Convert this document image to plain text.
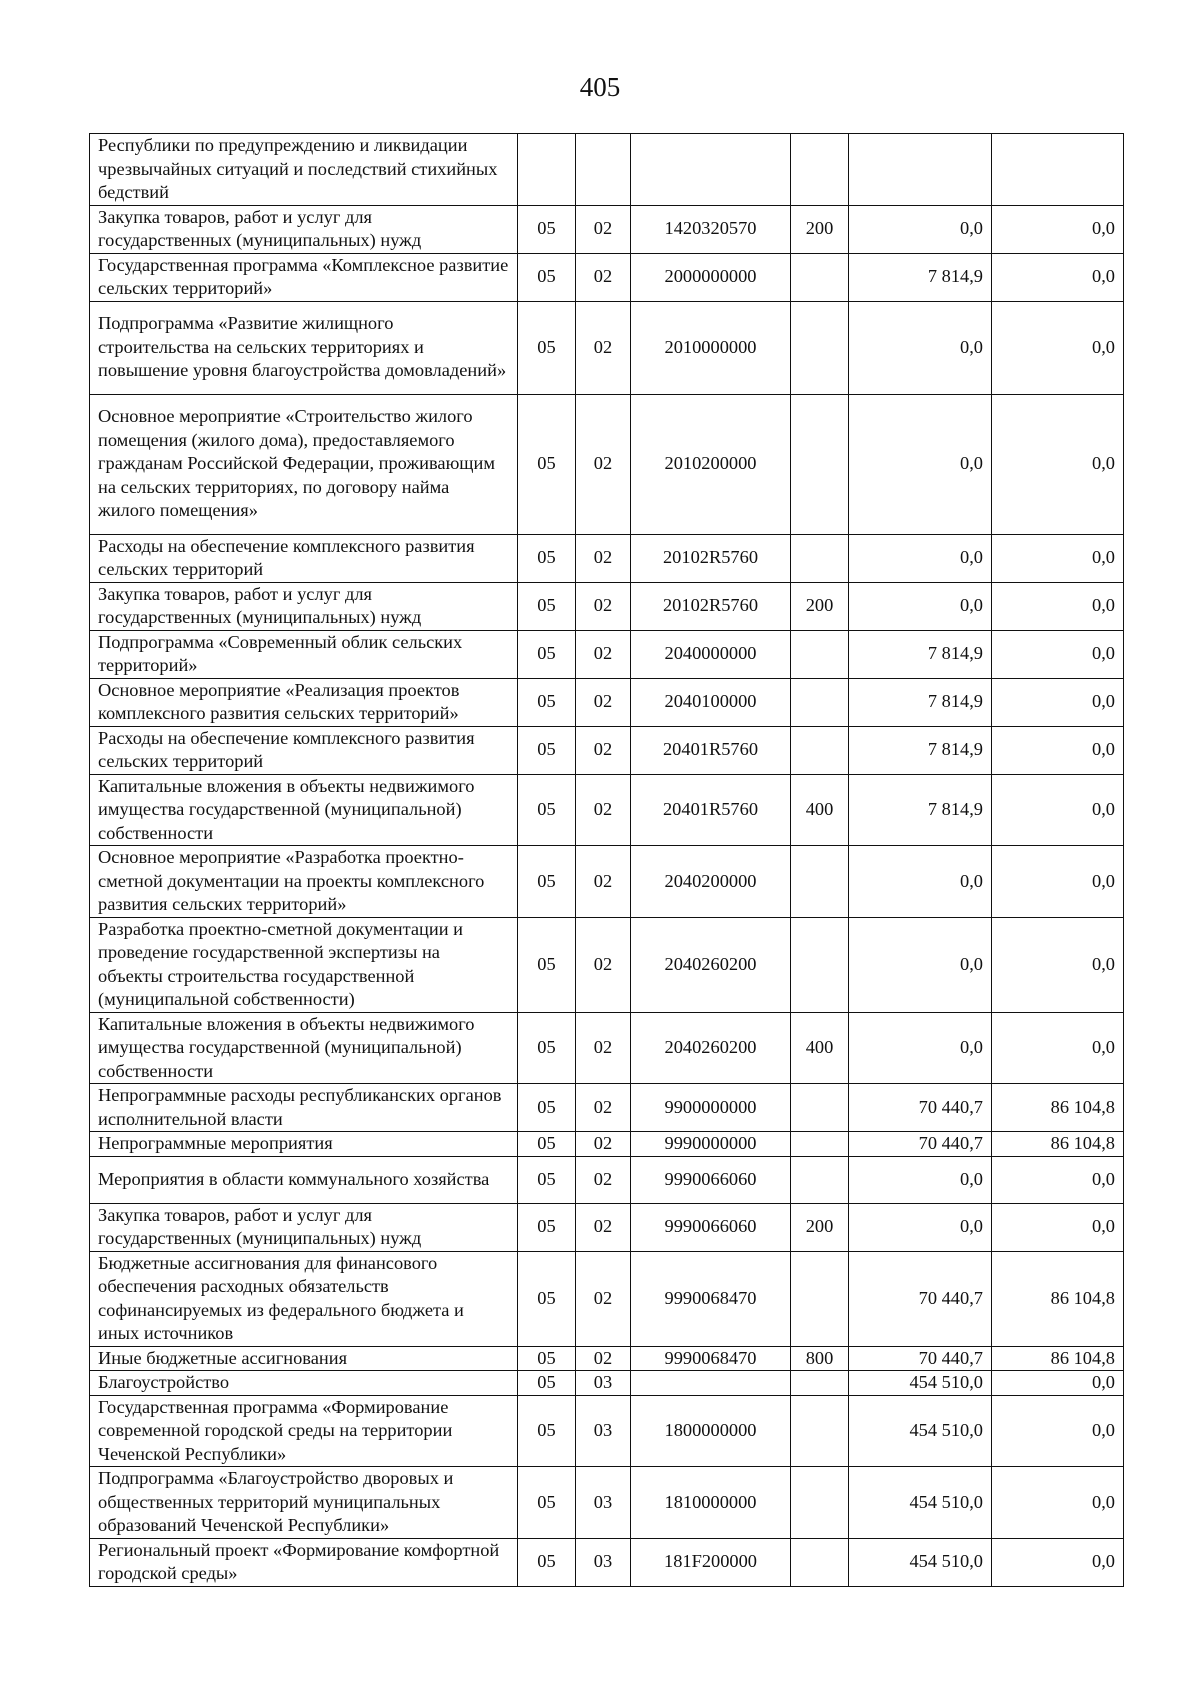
405
Республики по предупреждению и ликвидации чрезвычайных ситуаций и последствий стихийных бедствий						
Закупка товаров, работ и услуг для государственных (муниципальных) нужд	05	02	1420320570	200	0,0	0,0
Государственная программа «Комплексное развитие сельских территорий»	05	02	2000000000		7 814,9	0,0
Подпрограмма «Развитие жилищного строительства на сельских территориях и повышение уровня благоустройства домовладений»	05	02	2010000000		0,0	0,0
Основное мероприятие «Строительство жилого помещения (жилого дома), предоставляемого гражданам Российской Федерации, проживающим на сельских территориях, по договору найма жилого помещения»	05	02	2010200000		0,0	0,0
Расходы на обеспечение комплексного развития сельских территорий	05	02	20102R5760		0,0	0,0
Закупка товаров, работ и услуг для государственных (муниципальных) нужд	05	02	20102R5760	200	0,0	0,0
Подпрограмма «Современный облик сельских территорий»	05	02	2040000000		7 814,9	0,0
Основное мероприятие «Реализация проектов комплексного развития сельских территорий»	05	02	2040100000		7 814,9	0,0
Расходы на обеспечение комплексного развития сельских территорий	05	02	20401R5760		7 814,9	0,0
Капитальные вложения в объекты недвижимого имущества государственной (муниципальной) собственности	05	02	20401R5760	400	7 814,9	0,0
Основное мероприятие «Разработка проектно-сметной документации на проекты комплексного развития сельских территорий»	05	02	2040200000		0,0	0,0
Разработка проектно-сметной документации и проведение государственной экспертизы на объекты строительства государственной (муниципальной собственности)	05	02	2040260200		0,0	0,0
Капитальные вложения в объекты недвижимого имущества государственной (муниципальной) собственности	05	02	2040260200	400	0,0	0,0
Непрограммные расходы республиканских органов исполнительной власти	05	02	9900000000		70 440,7	86 104,8
Непрограммные мероприятия	05	02	9990000000		70 440,7	86 104,8
Мероприятия в области коммунального хозяйства	05	02	9990066060		0,0	0,0
Закупка товаров, работ и услуг для государственных (муниципальных) нужд	05	02	9990066060	200	0,0	0,0
Бюджетные ассигнования для финансового обеспечения расходных обязательств софинансируемых из федерального бюджета и иных источников	05	02	9990068470		70 440,7	86 104,8
Иные бюджетные ассигнования	05	02	9990068470	800	70 440,7	86 104,8
Благоустройство	05	03			454 510,0	0,0
Государственная программа «Формирование современной городской среды на территории Чеченской Республики»	05	03	1800000000		454 510,0	0,0
Подпрограмма «Благоустройство дворовых и общественных территорий муниципальных образований Чеченской Республики»	05	03	1810000000		454 510,0	0,0
Региональный проект «Формирование комфортной городской среды»	05	03	181F200000		454 510,0	0,0
